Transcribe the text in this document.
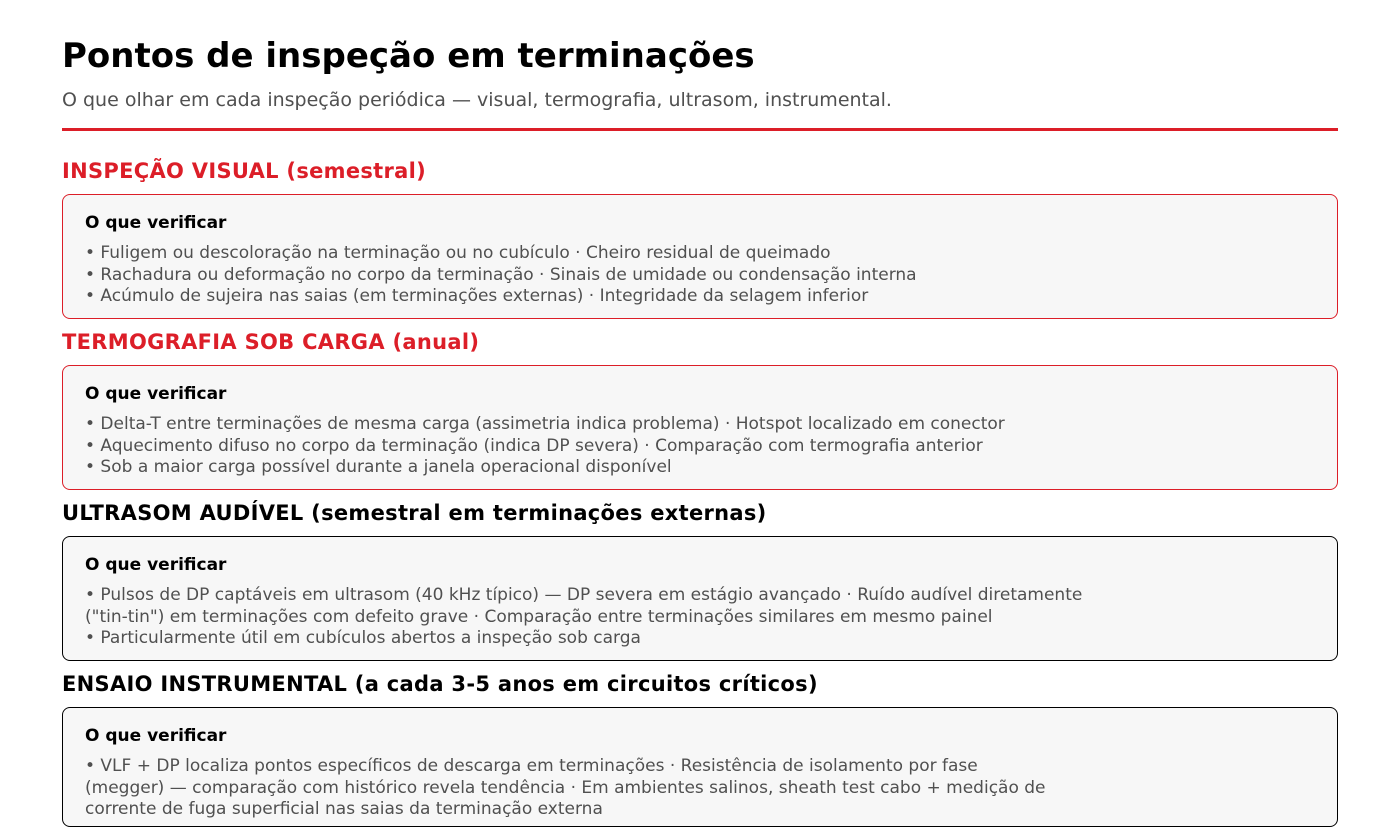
Pontos de inspeção em terminações

O que olhar em cada inspeção periódica — visual, termografia, ultrasom, instrumental.

INSPEÇÃO VISUAL (semestral)

O que verificar

• Fuligem ou descoloração na terminação ou no cubículo · Cheiro residual de queimado
• Rachadura ou deformação no corpo da terminação · Sinais de umidade ou condensação interna
• Acúmulo de sujeira nas saias (em terminações externas) · Integridade da selagem inferior
TERMOGRAFIA SOB CARGA (anual)

O que verificar

• Delta-T entre terminações de mesma carga (assimetria indica problema) · Hotspot localizado em conector
• Aquecimento difuso no corpo da terminação (indica DP severa) · Comparação com termografia anterior
• Sob a maior carga possível durante a janela operacional disponível
ULTRASOM AUDÍVEL (semestral em terminações externas)

O que verificar

• Pulsos de DP captáveis em ultrasom (40 kHz típico) — DP severa em estágio avançado · Ruído audível diretamente
("tin-tin") em terminações com defeito grave · Comparação entre terminações similares em mesmo painel
• Particularmente útil em cubículos abertos a inspeção sob carga
ENSAIO INSTRUMENTAL (a cada 3-5 anos em circuitos críticos)

O que verificar

• VLF + DP localiza pontos específicos de descarga em terminações · Resistência de isolamento por fase
(megger) — comparação com histórico revela tendência · Em ambientes salinos, sheath test cabo + medição de
corrente de fuga superficial nas saias da terminação externa
